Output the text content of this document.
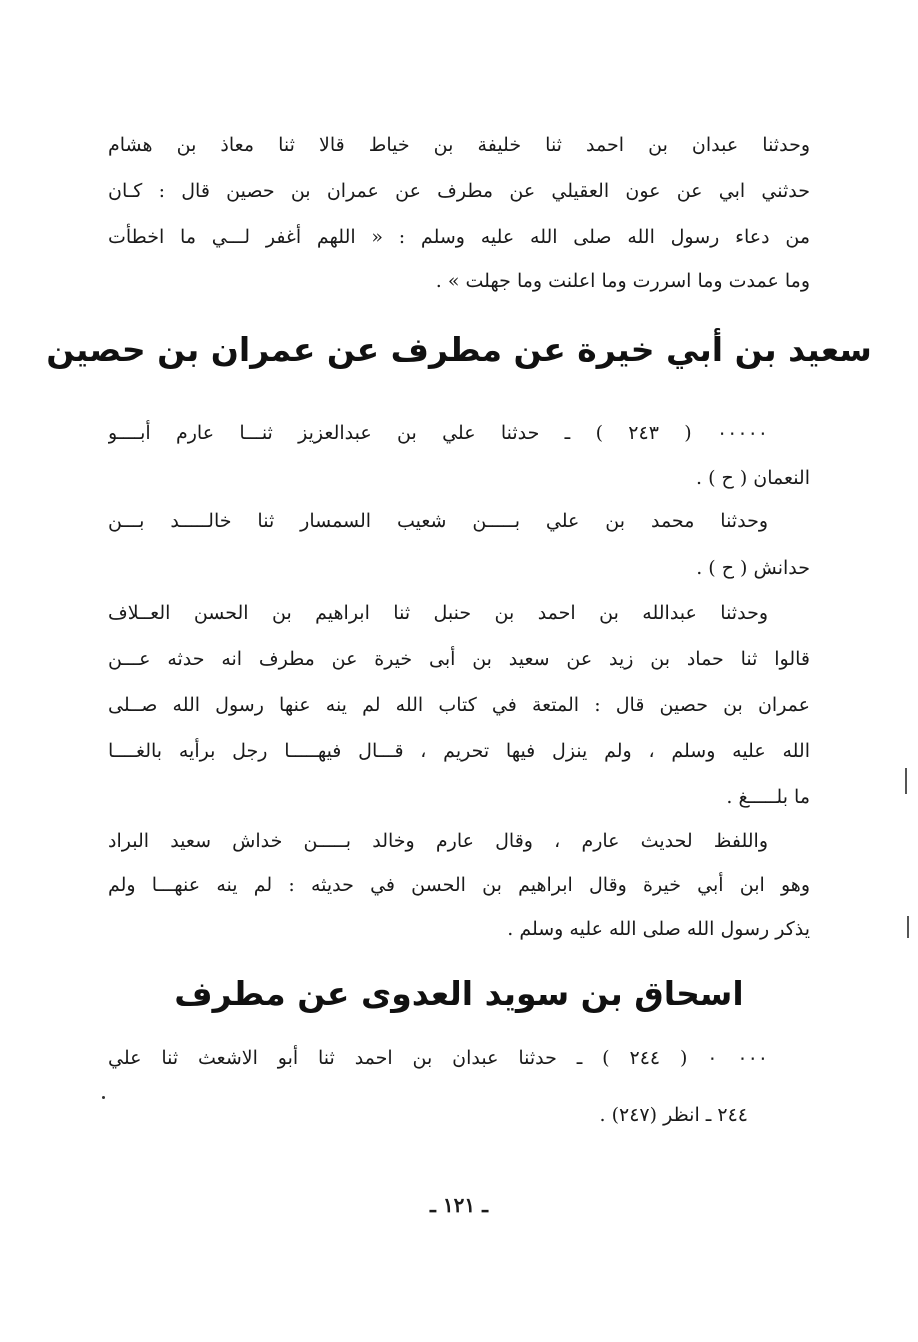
وحدثنا عبدان بن احمد ثنا خليفة بن خياط قالا ثنا معاذ بن هشام
حدثني ابي عن عون العقيلي عن مطرف عن عمران بن حصين قال : كـان
من دعاء رسول الله صلى الله عليه وسلم : « اللهم أغفر لـــي ما اخطأت
وما عمدت وما اسررت وما اعلنت وما جهلت » .
سعيد بن أبي خيرة عن مطرف عن عمران بن حصين
٠٠٠٠٠ ( ٢٤٣ ) ـ حدثنا علي بن عبدالعزيز ثنـــا عارم أبــــو
النعمان ( ح ) .
وحدثنا محمد بن علي بـــــن شعيب السمسار ثنا خالـــــد بـــن
حدانش ( ح ) .
وحدثنا عبدالله بن احمد بن حنبل ثنا ابراهيم بن الحسن العــلاف
قالوا ثنا حماد بن زيد عن سعيد بن أبى خيرة عن مطرف انه حدثه عـــن
عمران بن حصين قال : المتعة في كتاب الله لم ينه عنها رسول الله صــلى
الله عليه وسلم ، ولم ينزل فيها تحريم ، قـــال فيهـــــا رجل برأيه بالغــــا
ما بلـــــغ .
واللفظ لحديث عارم ، وقال عارم وخالد بـــــن خداش سعيد البراد
وهو ابن أبي خيرة وقال ابراهيم بن الحسن في حديثه : لم ينه عنهـــا ولم
يذكر رسول الله صلى الله عليه وسلم .
اسحاق بن سويد العدوى عن مطرف
٠٠٠ ٠ ( ٢٤٤ ) ـ حدثنا عبدان بن احمد ثنا أبو الاشعث ثنا علي
٢٤٤ ـ انظر (٢٤٧) .
ـ ١٢١ ـ
